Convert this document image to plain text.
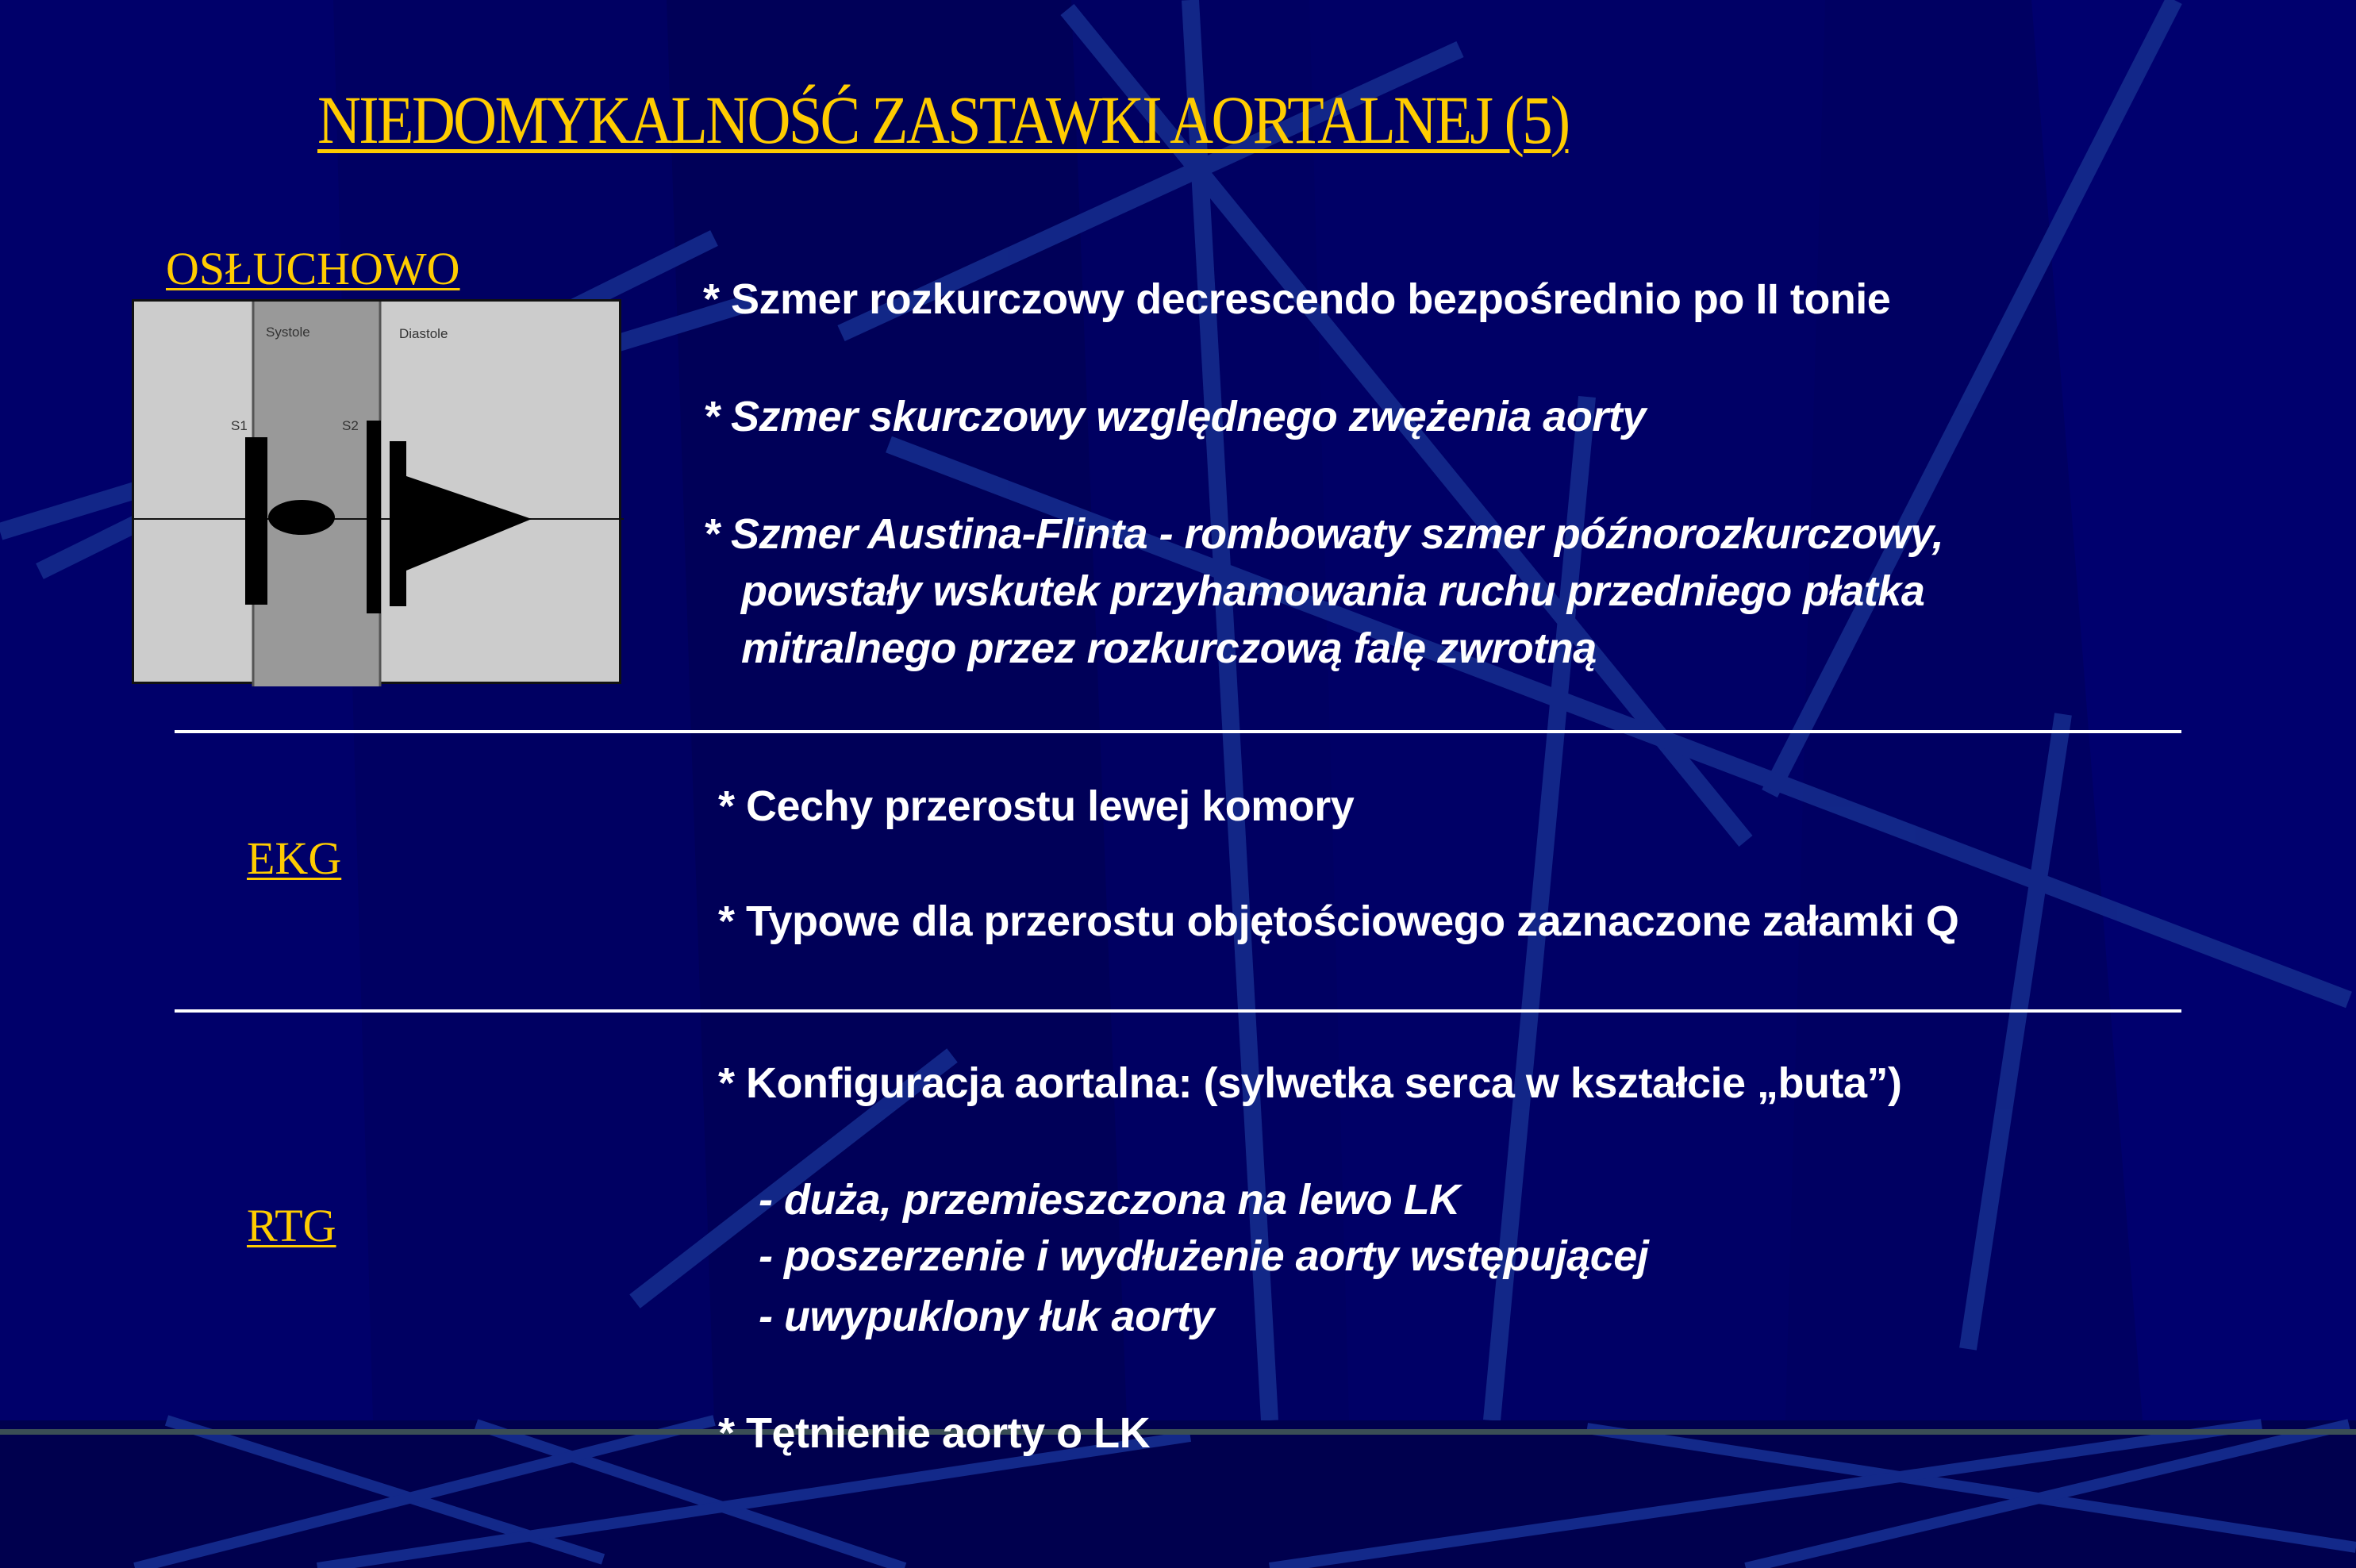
NIEDOMYKALNOŚĆ ZASTAWKI AORTALNEJ (5)
OSŁUCHOWO
Systole	Diastole
S1	S2
* Szmer rozkurczowy decrescendo bezpośrednio po II tonie
* Szmer skurczowy względnego zwężenia aorty
* Szmer Austina-Flinta - rombowaty szmer późnorozkurczowy,
powstały wskutek przyhamowania ruchu przedniego płatka
mitralnego przez rozkurczową falę zwrotną
EKG
* Cechy przerostu lewej komory
* Typowe dla przerostu objętościowego zaznaczone załamki Q
RTG
* Konfiguracja aortalna: (sylwetka serca w kształcie „buta”)
- duża, przemieszczona na lewo LK
- poszerzenie i wydłużenie aorty wstępującej
- uwypuklony łuk aorty
* Tętnienie aorty o LK
